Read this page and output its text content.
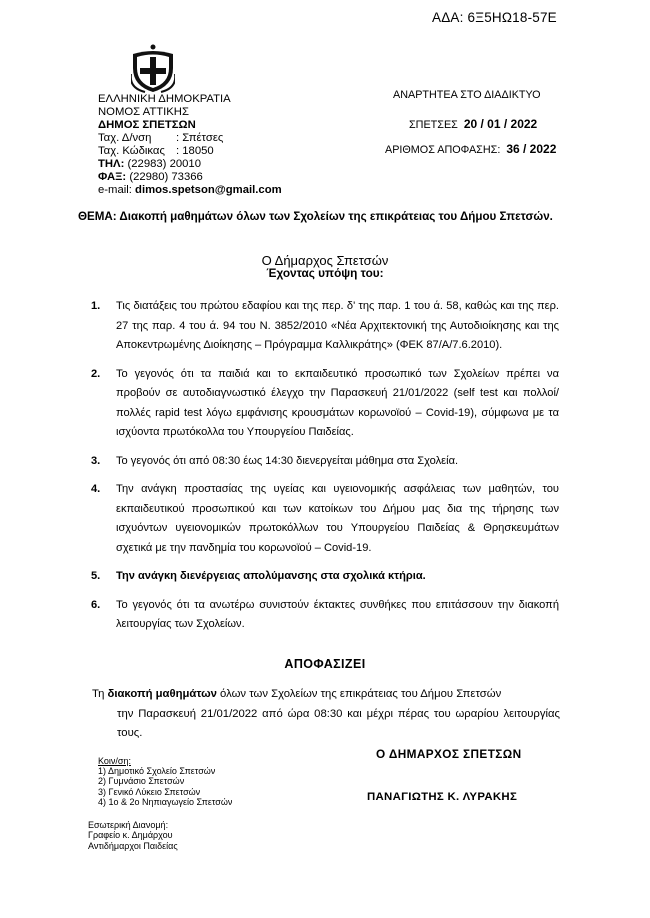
ΑΔΑ: 6Ξ5ΗΩ18-57Ε
ΕΛΛΗΝΙΚΗ ΔΗΜΟΚΡΑΤΙΑ
ΝΟΜΟΣ ΑΤΤΙΚΗΣ
ΔΗΜΟΣ ΣΠΕΤΣΩΝ
Ταχ. Δ/νση	: Σπέτσες
Ταχ. Κώδικας : 18050
ΤΗΛ: (22983) 20010
ΦΑΞ: (22980) 73366
e-mail: dimos.spetson@gmail.com
ΑΝΑΡΤΗΤΕΑ ΣΤΟ ΔΙΑΔΙΚΤΥΟ
ΣΠΕΤΣΕΣ 20 / 01 / 2022
ΑΡΙΘΜΟΣ ΑΠΟΦΑΣΗΣ: 36 / 2022
ΘΕΜΑ: Διακοπή μαθημάτων όλων των Σχολείων της επικράτειας του Δήμου Σπετσών.
Ο Δήμαρχος Σπετσών
Έχοντας υπόψη του:
1. Τις διατάξεις του πρώτου εδαφίου και της περ. δ' της παρ. 1 του ά. 58, καθώς και της περ. 27 της παρ. 4 του ά. 94 του Ν. 3852/2010 «Νέα Αρχιτεκτονική της Αυτοδιοίκησης και της Αποκεντρωμένης Διοίκησης – Πρόγραμμα Καλλικράτης» (ΦΕΚ 87/Α/7.6.2010).
2. Το γεγονός ότι τα παιδιά και το εκπαιδευτικό προσωπικό των Σχολείων πρέπει να προβούν σε αυτοδιαγνωστικό έλεγχο την Παρασκευή 21/01/2022 (self test και πολλοί/πολλές rapid test λόγω εμφάνισης κρουσμάτων κορωνοϊού – Covid-19), σύμφωνα με τα ισχύοντα πρωτόκολλα του Υπουργείου Παιδείας.
3. Το γεγονός ότι από 08:30 έως 14:30 διενεργείται μάθημα στα Σχολεία.
4. Την ανάγκη προστασίας της υγείας και υγειονομικής ασφάλειας των μαθητών, του εκπαιδευτικού προσωπικού και των κατοίκων του Δήμου μας δια της τήρησης των ισχυόντων υγειονομικών πρωτοκόλλων του Υπουργείου Παιδείας & Θρησκευμάτων σχετικά με την πανδημία του κορωνοϊού – Covid-19.
5. Την ανάγκη διενέργειας απολύμανσης στα σχολικά κτήρια.
6. Το γεγονός ότι τα ανωτέρω συνιστούν έκτακτες συνθήκες που επιτάσσουν την διακοπή λειτουργίας των Σχολείων.
ΑΠΟΦΑΣΙΖΕΙ
Τη διακοπή μαθημάτων όλων των Σχολείων της επικράτειας του Δήμου Σπετσών
την Παρασκευή 21/01/2022 από ώρα 08:30 και μέχρι πέρας του ωραρίου λειτουργίας τους.
Ο ΔΗΜΑΡΧΟΣ ΣΠΕΤΣΩΝ
ΠΑΝΑΓΙΩΤΗΣ Κ. ΛΥΡΑΚΗΣ
Κοιν/ση:
1) Δημοτικό Σχολείο Σπετσών
2) Γυμνάσιο Σπετσών
3) Γενικό Λύκειο Σπετσών
4) 1ο & 2ο Νηπιαγωγείο Σπετσών
Εσωτερική Διανομή:
Γραφείο κ. Δημάρχου
Αντιδήμαρχοι Παιδείας
